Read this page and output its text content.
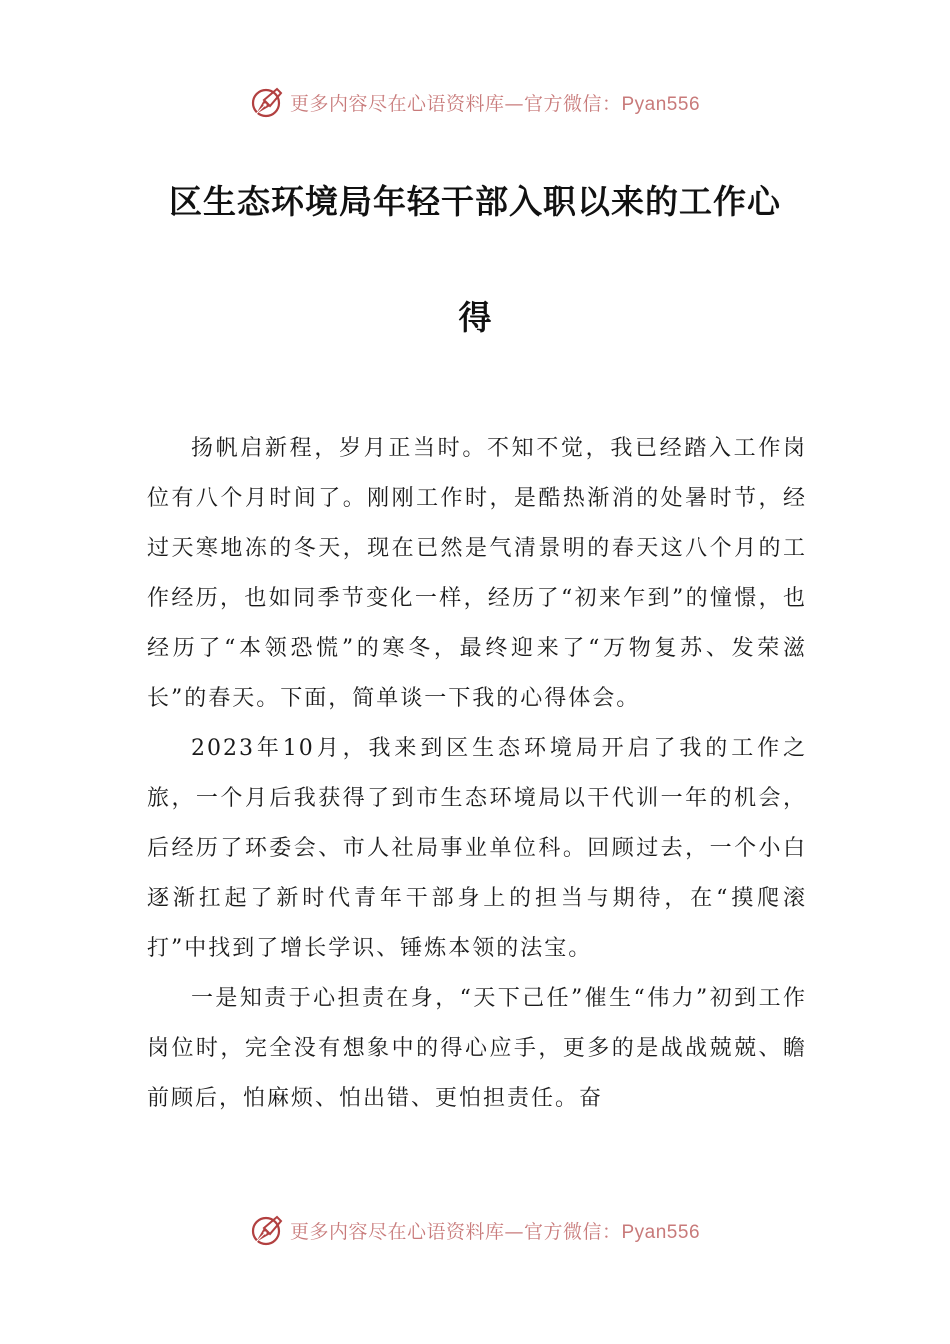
更多内容尽在心语资料库—官方微信：Pyan556
区生态环境局年轻干部入职以来的工作心
得

扬帆启新程，岁月正当时。不知不觉，我已经踏入工作岗位有八个月时间了。刚刚工作时，是酷热渐消的处暑时节，经过天寒地冻的冬天，现在已然是气清景明的春天这八个月的工作经历，也如同季节变化一样，经历了“初来乍到”的憧憬，也经历了“本领恐慌”的寒冬，最终迎来了“万物复苏、发荣滋长”的春天。下面，简单谈一下我的心得体会。

2023年10月，我来到区生态环境局开启了我的工作之旅，一个月后我获得了到市生态环境局以干代训一年的机会，后经历了环委会、市人社局事业单位科。回顾过去，一个小白逐渐扛起了新时代青年干部身上的担当与期待，在“摸爬滚打”中找到了增长学识、锤炼本领的法宝。

一是知责于心担责在身，“天下己任”催生“伟力”初到工作岗位时，完全没有想象中的得心应手，更多的是战战兢兢、瞻前顾后，怕麻烦、怕出错、更怕担责任。奋

更多内容尽在心语资料库—官方微信：Pyan556
